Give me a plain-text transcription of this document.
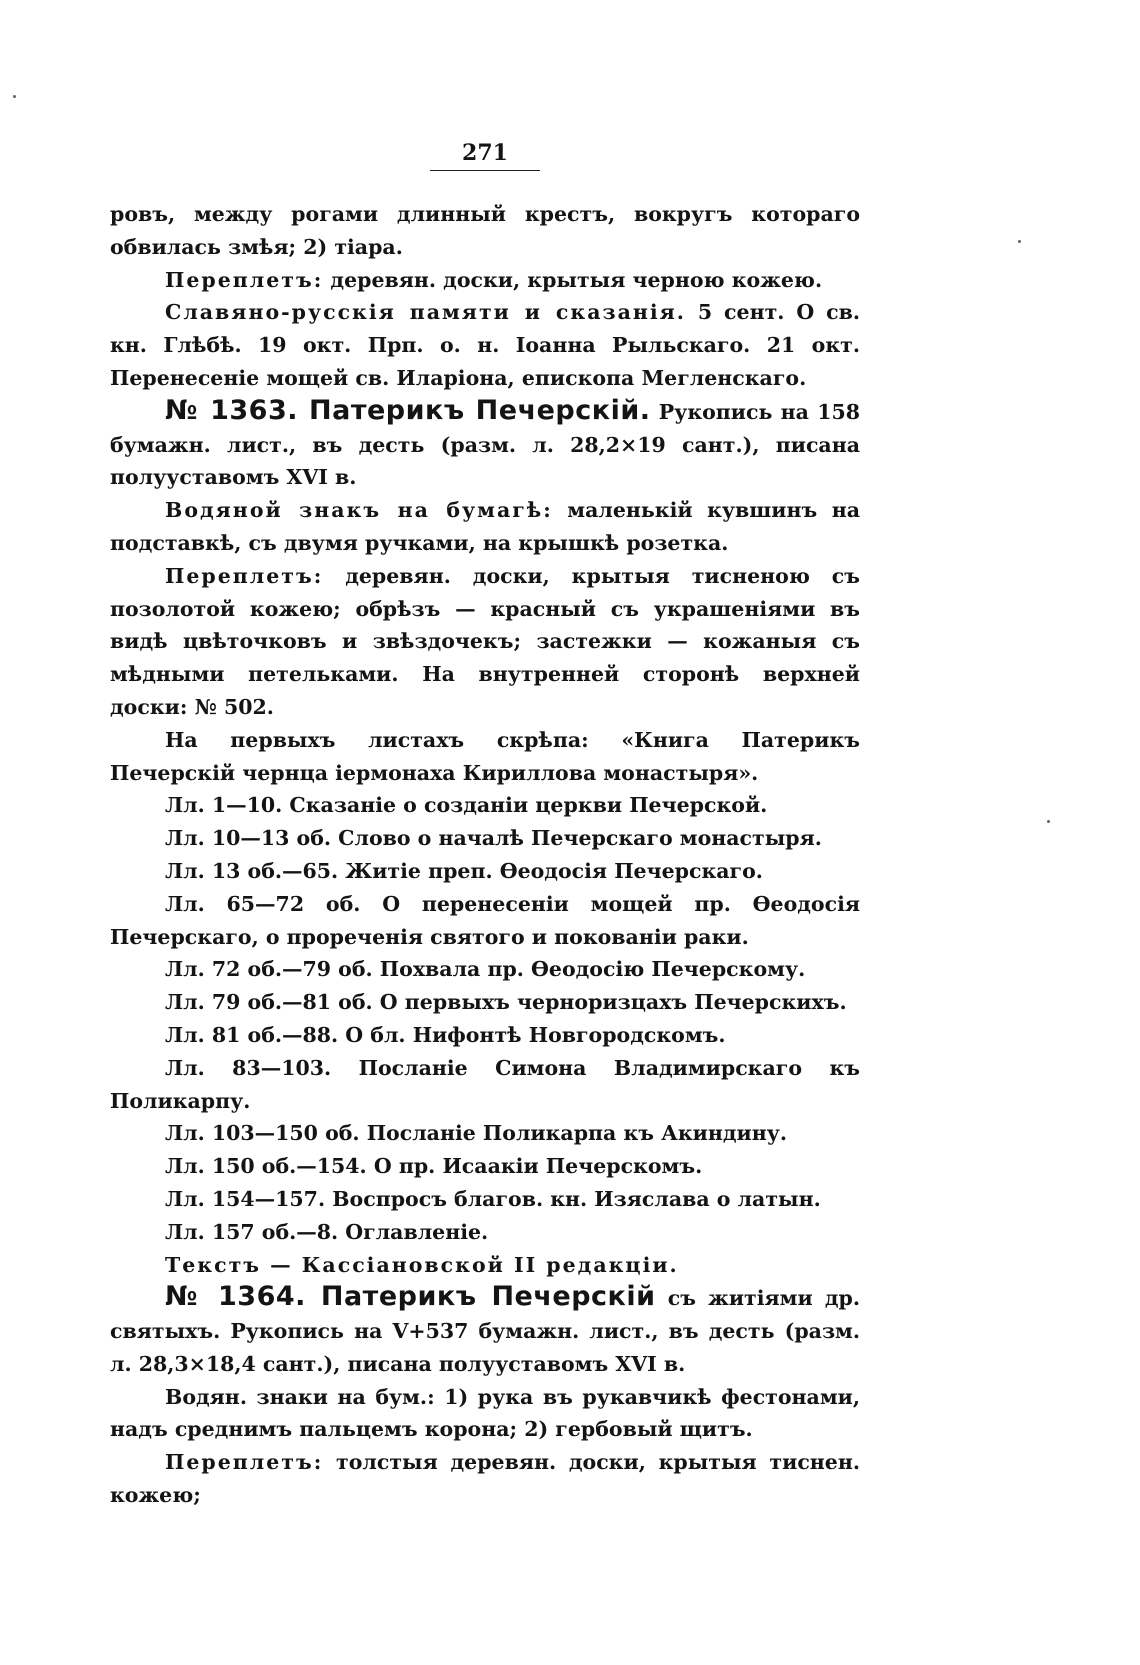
271

ровъ, между рогами длинный крестъ, вокругъ котораго обвилась змѣя; 2) тіара.

Переплетъ: деревян. доски, крытыя черною кожею.

Славяно-русскія памяти и сказанія. 5 сент. О св. кн. Глѣбѣ. 19 окт. Прп. о. н. Іоанна Рыльскаго. 21 окт. Перенесеніе мощей св. Иларіона, епископа Мегленскаго.

№ 1363. Патерикъ Печерскій. Рукопись на 158 бумажн. лист., въ десть (разм. л. 28,2×19 сант.), писана полууставомъ XVI в.

Водяной знакъ на бумагѣ: маленькій кувшинъ на подставкѣ, съ двумя ручками, на крышкѣ розетка.

Переплетъ: деревян. доски, крытыя тисненою съ позолотой кожею; обрѣзъ — красный съ украшеніями въ видѣ цвѣточковъ и звѣздочекъ; застежки — кожаныя съ мѣдными петельками. На внутренней сторонѣ верхней доски: № 502.

На первыхъ листахъ скрѣпа: «Книга Патерикъ Печерскій чернца іермонаха Кириллова монастыря».

Лл. 1—10. Сказаніе о созданіи церкви Печерской.

Лл. 10—13 об. Слово о началѣ Печерскаго монастыря.

Лл. 13 об.—65. Житіе преп. Ѳеодосія Печерскаго.

Лл. 65—72 об. О перенесеніи мощей пр. Ѳеодосія Печерскаго, о прореченія святого и покованіи раки.

Лл. 72 об.—79 об. Похвала пр. Ѳеодосію Печерскому.

Лл. 79 об.—81 об. О первыхъ черноризцахъ Печерскихъ.

Лл. 81 об.—88. О бл. Нифонтѣ Новгородскомъ.

Лл. 83—103. Посланіе Симона Владимирскаго къ Поликарпу.

Лл. 103—150 об. Посланіе Поликарпа къ Акиндину.

Лл. 150 об.—154. О пр. Исаакіи Печерскомъ.

Лл. 154—157. Воспросъ благов. кн. Изяслава о латын.

Лл. 157 об.—8. Оглавленіе.

Текстъ — Кассіановской II редакціи.

№ 1364. Патерикъ Печерскій съ житіями др. святыхъ. Рукопись на V+537 бумажн. лист., въ десть (разм. л. 28,3×18,4 сант.), писана полууставомъ XVI в.

Водян. знаки на бум.: 1) рука въ рукавчикѣ фестонами, надъ среднимъ пальцемъ корона; 2) гербовый щитъ.

Переплетъ: толстыя деревян. доски, крытыя тиснен. кожею;
